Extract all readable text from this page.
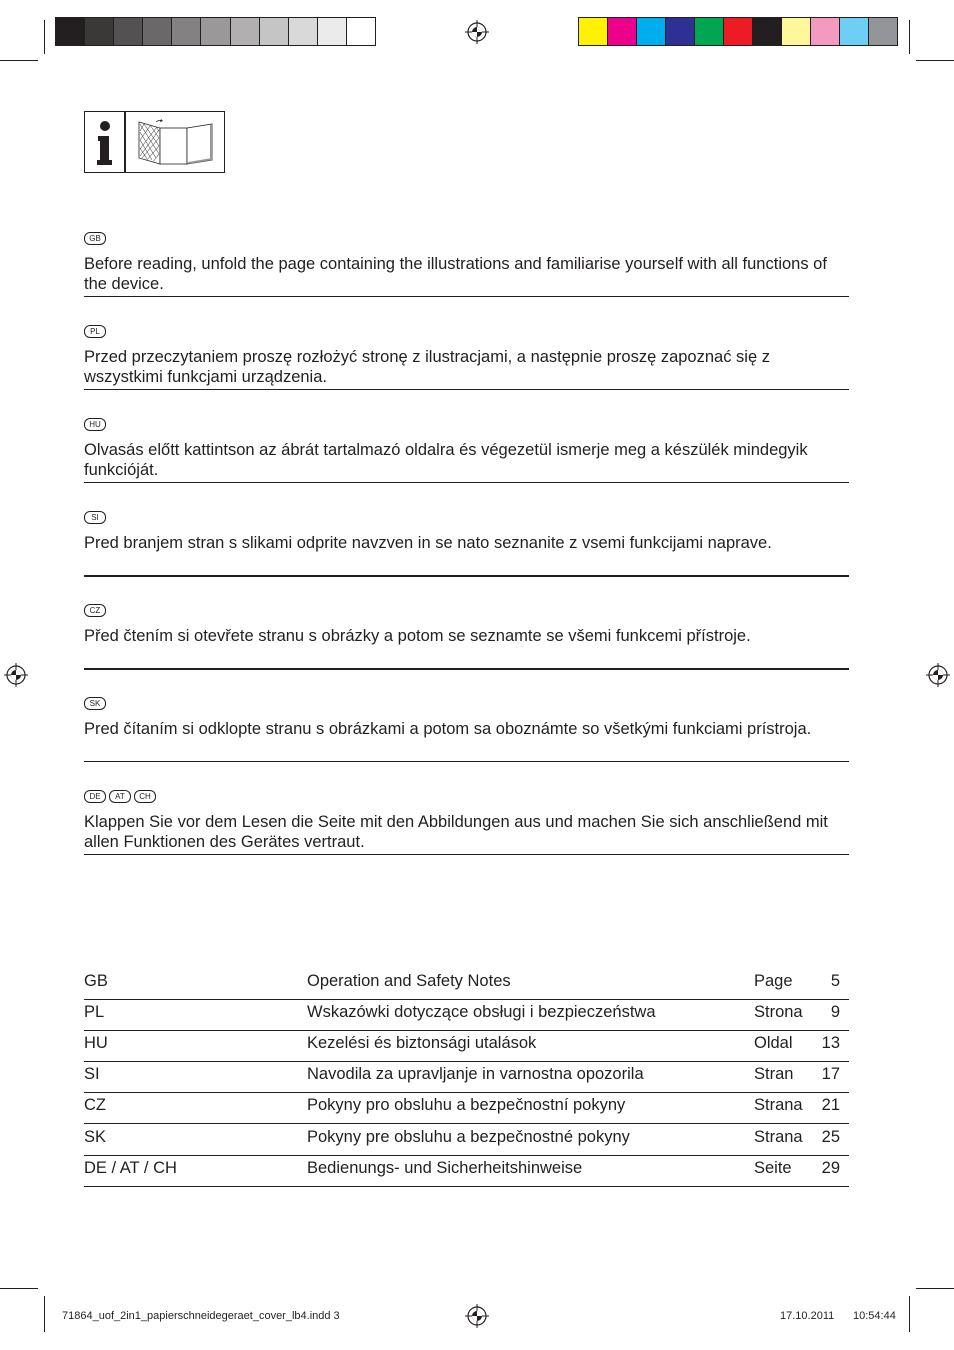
GB
Before reading, unfold the page containing the illustrations and familiarise yourself with all functions of the device.
PL
Przed przeczytaniem proszę rozłożyć stronę z ilustracjami, a następnie proszę zapoznać się z wszystkimi funkcjami urządzenia.
HU
Olvasás előtt kattintson az ábrát tartalmazó oldalra és végezetül ismerje meg a készülék mindegyik funkcióját.
SI
Pred branjem stran s slikami odprite navzven in se nato seznanite z vsemi funkcijami naprave.
CZ
Před čtením si otevřete stranu s obrázky a potom se seznamte se všemi funkcemi přístroje.
SK
Pred čítaním si odklopte stranu s obrázkami a potom sa oboznámte so všetkými funkciami prístroja.
DE	AT	CH
Klappen Sie vor dem Lesen die Seite mit den Abbildungen aus und machen Sie sich anschließend mit allen Funktionen des Gerätes vertraut.
GB	Operation and Safety Notes	Page 5
PL	Wskazówki dotyczące obsługi i bezpieczeństwa	Strona 9
HU	Kezelési és biztonsági utalások	Oldal 13
SI	Navodila za upravljanje in varnostna opozorila	Stran 17
CZ	Pokyny pro obsluhu a bezpečnostní pokyny	Strana 21
SK	Pokyny pre obsluhu a bezpečnostné pokyny	Strana 25
DE / AT / CH	Bedienungs- und Sicherheitshinweise	Seite 29
71864_uof_2in1_papierschneidegeraet_cover_lb4.indd 3	17.10.2011 10:54:44
